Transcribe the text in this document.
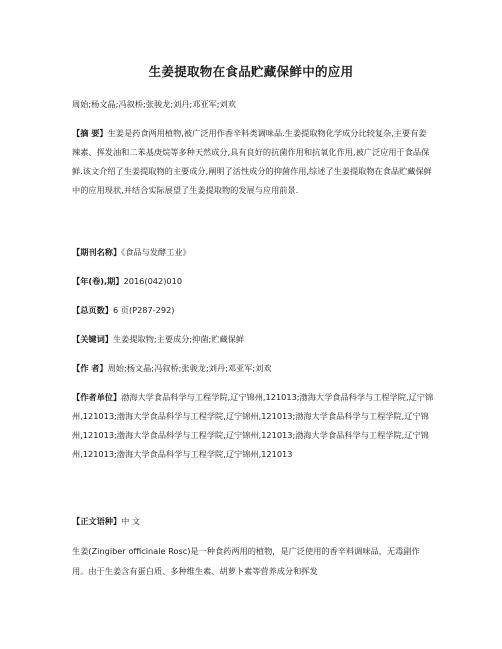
生姜提取物在食品贮藏保鲜中的应用
周始;杨文晶;冯叙桥;张骏龙;刘丹;邓亚军;刘欢
【摘 要】生姜是药食两用植物,被广泛用作香辛料类调味品.生姜提取物化学成分比较复杂,主要有姜辣素、挥发油和二苯基庚烷等多种天然成分,具有良好的抗菌作用和抗氧化作用,被广泛应用于食品保鲜.该文介绍了生姜提取物的主要成分,阐明了活性成分的抑菌作用,综述了生姜提取物在食品贮藏保鲜中的应用现状,并结合实际展望了生姜提取物的发展与应用前景.
【期刊名称】《食品与发酵工业》
【年(卷),期】2016(042)010
【总页数】6 页(P287-292)
【关键词】生姜提取物;主要成分;抑菌;贮藏保鲜
【作 者】周始;杨文晶;冯叙桥;张骏龙;刘丹;邓亚军;刘欢
【作者单位】渤海大学食品科学与工程学院,辽宁锦州,121013;渤海大学食品科学与工程学院,辽宁锦州,121013;渤海大学食品科学与工程学院,辽宁锦州,121013;渤海大学食品科学与工程学院,辽宁锦州,121013;渤海大学食品科学与工程学院,辽宁锦州,121013;渤海大学食品科学与工程学院,辽宁锦州,121013;渤海大学食品科学与工程学院,辽宁锦州,121013
【正文语种】中 文
生姜(Zingiber officinale Rosc)是一种食药两用的植物，是广泛使用的香辛料调味品，无毒副作用。由于生姜含有蛋白质、多种维生素、胡萝卜素等营养成分和挥发
